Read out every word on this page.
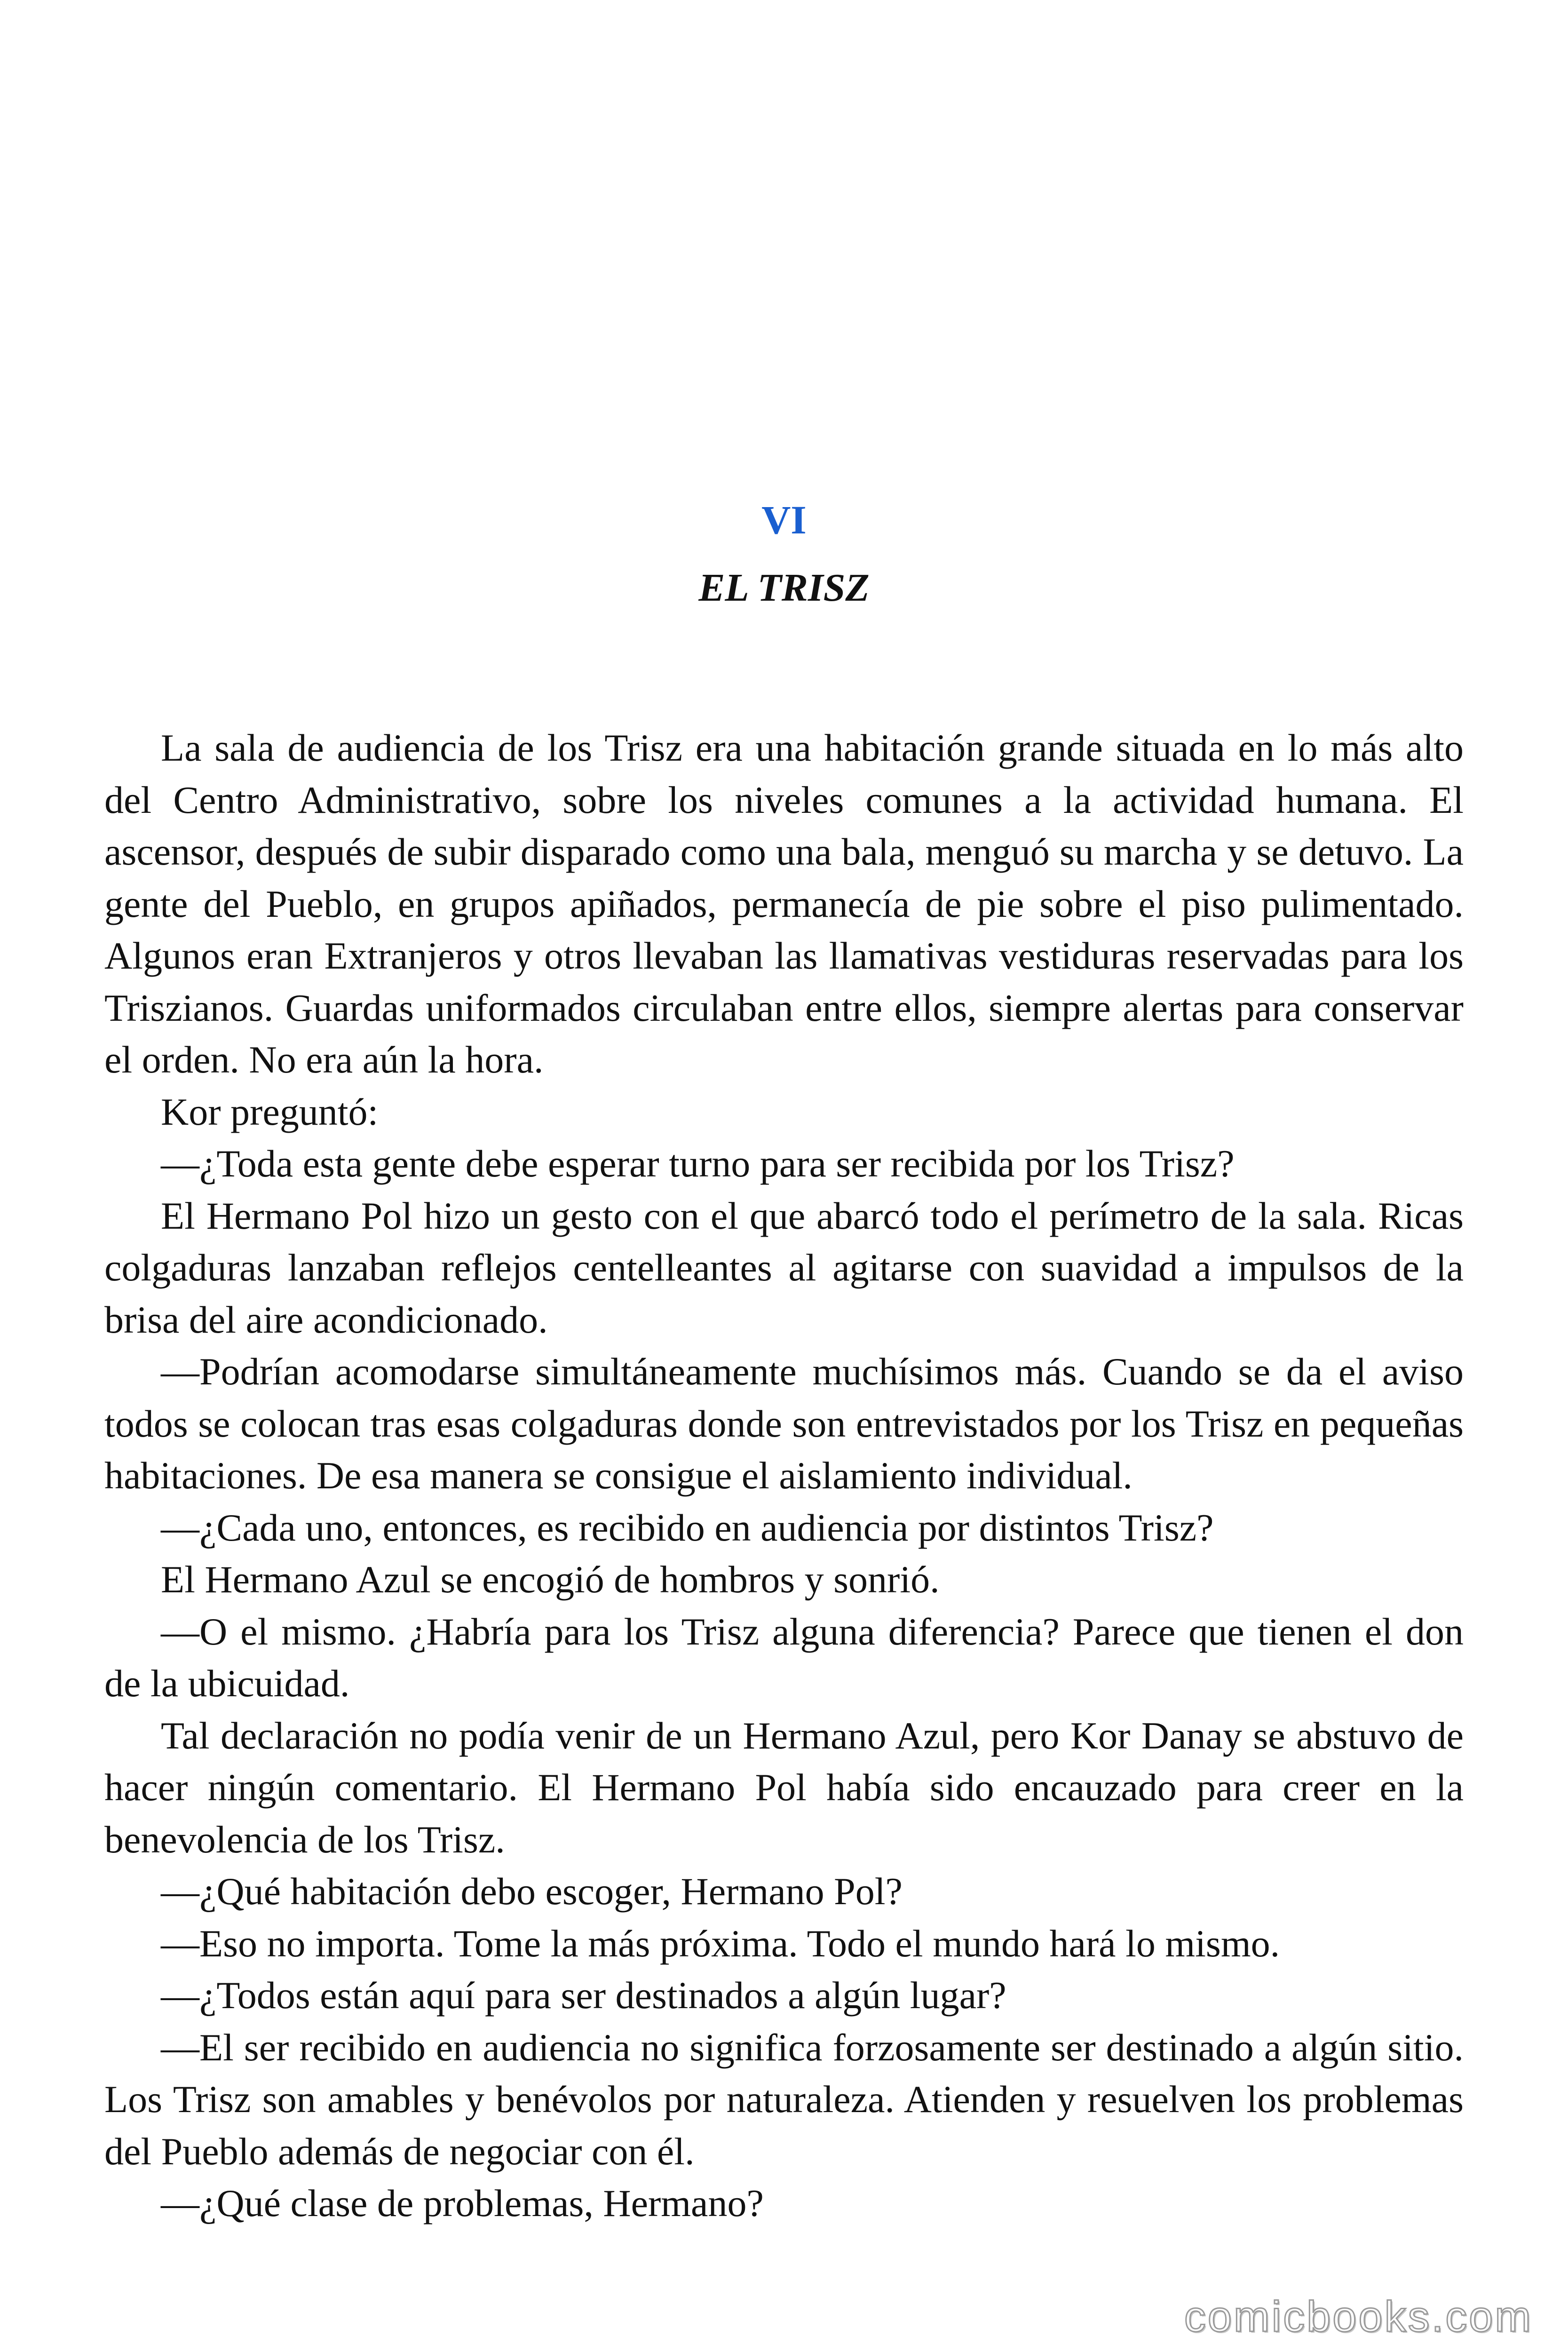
VI
EL TRISZ

La sala de audiencia de los Trisz era una habitación grande situada en lo más alto del Centro Administrativo, sobre los niveles comunes a la actividad humana. El ascensor, después de subir disparado como una bala, menguó su marcha y se detuvo. La gente del Pueblo, en grupos apiñados, permanecía de pie sobre el piso pulimentado. Algunos eran Extranjeros y otros llevaban las llamativas vestiduras reservadas para los Triszianos. Guardas uniformados circulaban entre ellos, siempre alertas para conservar el orden. No era aún la hora.

Kor preguntó:

—¿Toda esta gente debe esperar turno para ser recibida por los Trisz?

El Hermano Pol hizo un gesto con el que abarcó todo el perímetro de la sala. Ricas colgaduras lanzaban reflejos centelleantes al agitarse con suavidad a impulsos de la brisa del aire acondicionado.

—Podrían acomodarse simultáneamente muchísimos más. Cuando se da el aviso todos se colocan tras esas colgaduras donde son entrevistados por los Trisz en pequeñas habitaciones. De esa manera se consigue el aislamiento individual.

—¿Cada uno, entonces, es recibido en audiencia por distintos Trisz?

El Hermano Azul se encogió de hombros y sonrió.

—O el mismo. ¿Habría para los Trisz alguna diferencia? Parece que tienen el don de la ubicuidad.

Tal declaración no podía venir de un Hermano Azul, pero Kor Danay se abstuvo de hacer ningún comentario. El Hermano Pol había sido encauzado para creer en la benevolencia de los Trisz.

—¿Qué habitación debo escoger, Hermano Pol?

—Eso no importa. Tome la más próxima. Todo el mundo hará lo mismo.

—¿Todos están aquí para ser destinados a algún lugar?

—El ser recibido en audiencia no significa forzosamente ser destinado a algún sitio. Los Trisz son amables y benévolos por naturaleza. Atienden y resuelven los problemas del Pueblo además de negociar con él.

—¿Qué clase de problemas, Hermano?

comicbooks.com
